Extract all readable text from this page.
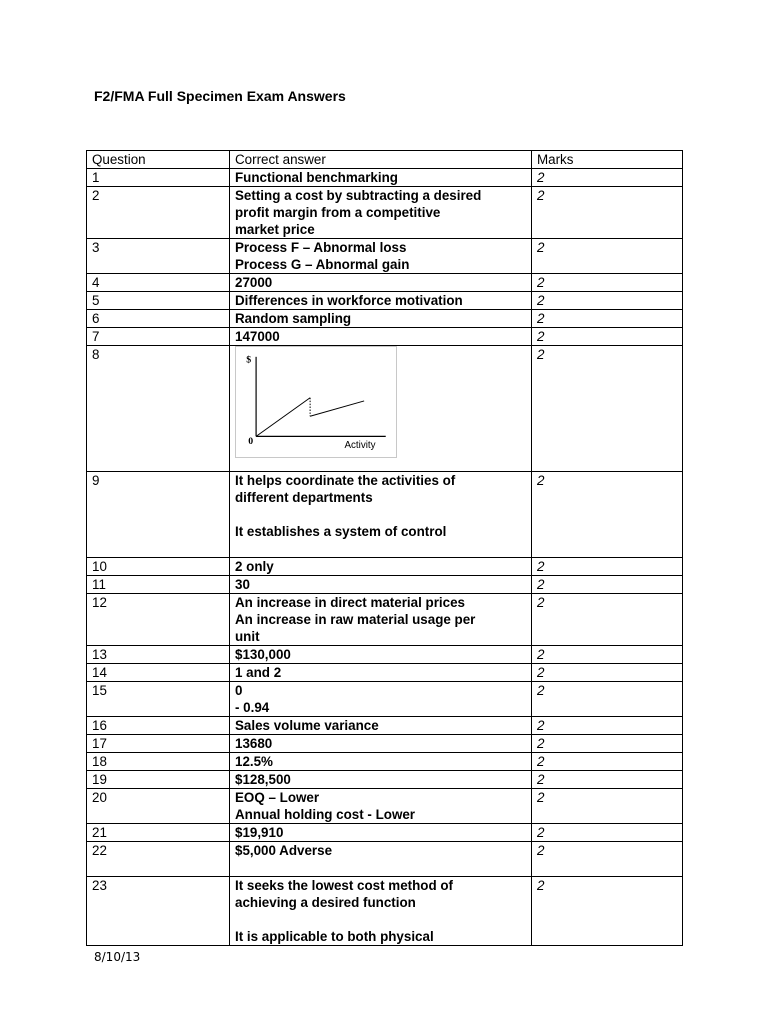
F2/FMA Full Specimen Exam Answers
Question	Correct answer	Marks
1	Functional benchmarking	2
2	Setting a cost by subtracting a desired
profit margin from a competitive
market price	2
3	Process F – Abnormal loss
Process G – Abnormal gain	2
4	27000	2
5	Differences in workforce motivation	2
6	Random sampling	2
7	147000	2
8	$
0 Activity	2
9	It helps coordinate the activities of
different departments
It establishes a system of control	2
10	2 only	2
11	30	2
12	An increase in direct material prices
An increase in raw material usage per
unit	2
13	$130,000	2
14	1 and 2	2
15	0
- 0.94	2
16	Sales volume variance	2
17	13680	2
18	12.5%	2
19	$128,500	2
20	EOQ – Lower
Annual holding cost - Lower	2
21	$19,910	2
22	$5,000 Adverse	2
23	It seeks the lowest cost method of
achieving a desired function
It is applicable to both physical	2
8/10/13
